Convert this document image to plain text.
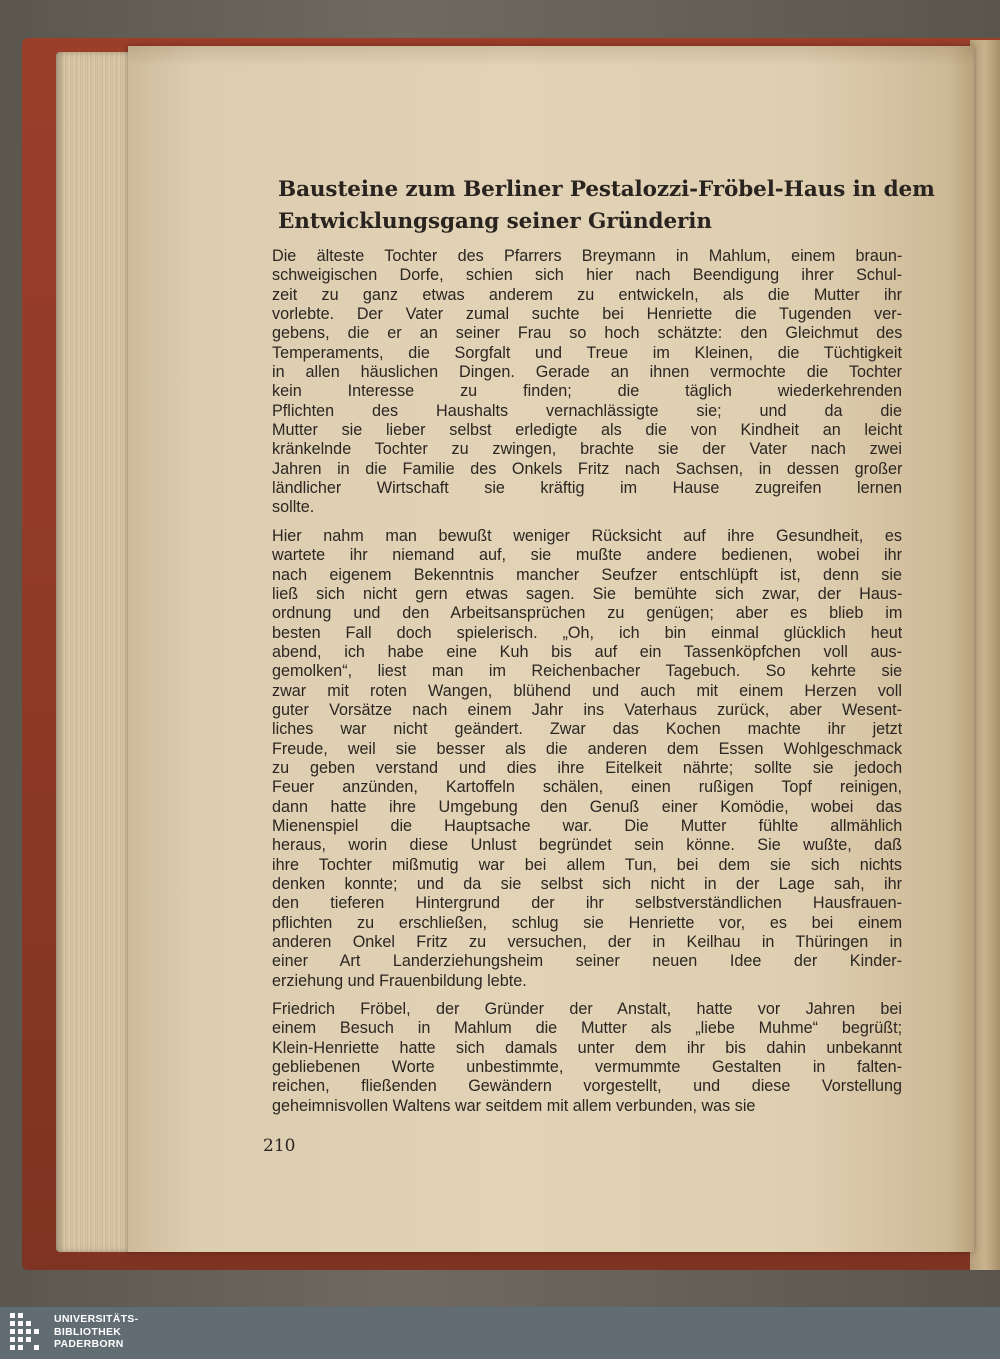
Bausteine zum Berliner Pestalozzi-Fröbel-Haus in dem
Entwicklungsgang seiner Gründerin
Die älteste Tochter des Pfarrers Breymann in Mahlum, einem braun-
schweigischen Dorfe, schien sich hier nach Beendigung ihrer Schul-
zeit zu ganz etwas anderem zu entwickeln, als die Mutter ihr
vorlebte. Der Vater zumal suchte bei Henriette die Tugenden ver-
gebens, die er an seiner Frau so hoch schätzte: den Gleichmut des
Temperaments, die Sorgfalt und Treue im Kleinen, die Tüchtigkeit
in allen häuslichen Dingen. Gerade an ihnen vermochte die Tochter
kein Interesse zu finden; die täglich wiederkehrenden
Pflichten des Haushalts vernachlässigte sie; und da die
Mutter sie lieber selbst erledigte als die von Kindheit an leicht
kränkelnde Tochter zu zwingen, brachte sie der Vater nach zwei
Jahren in die Familie des Onkels Fritz nach Sachsen, in dessen großer
ländlicher Wirtschaft sie kräftig im Hause zugreifen lernen
sollte.
Hier nahm man bewußt weniger Rücksicht auf ihre Gesundheit, es
wartete ihr niemand auf, sie mußte andere bedienen, wobei ihr
nach eigenem Bekenntnis mancher Seufzer entschlüpft ist, denn sie
ließ sich nicht gern etwas sagen. Sie bemühte sich zwar, der Haus-
ordnung und den Arbeitsansprüchen zu genügen; aber es blieb im
besten Fall doch spielerisch. „Oh, ich bin einmal glücklich heut
abend, ich habe eine Kuh bis auf ein Tassenköpfchen voll aus-
gemolken“, liest man im Reichenbacher Tagebuch. So kehrte sie
zwar mit roten Wangen, blühend und auch mit einem Herzen voll
guter Vorsätze nach einem Jahr ins Vaterhaus zurück, aber Wesent-
liches war nicht geändert. Zwar das Kochen machte ihr jetzt
Freude, weil sie besser als die anderen dem Essen Wohlgeschmack
zu geben verstand und dies ihre Eitelkeit nährte; sollte sie jedoch
Feuer anzünden, Kartoffeln schälen, einen rußigen Topf reinigen,
dann hatte ihre Umgebung den Genuß einer Komödie, wobei das
Mienenspiel die Hauptsache war. Die Mutter fühlte allmählich
heraus, worin diese Unlust begründet sein könne. Sie wußte, daß
ihre Tochter mißmutig war bei allem Tun, bei dem sie sich nichts
denken konnte; und da sie selbst sich nicht in der Lage sah, ihr
den tieferen Hintergrund der ihr selbstverständlichen Hausfrauen-
pflichten zu erschließen, schlug sie Henriette vor, es bei einem
anderen Onkel Fritz zu versuchen, der in Keilhau in Thüringen in
einer Art Landerziehungsheim seiner neuen Idee der Kinder-
erziehung und Frauenbildung lebte.
Friedrich Fröbel, der Gründer der Anstalt, hatte vor Jahren bei
einem Besuch in Mahlum die Mutter als „liebe Muhme“ begrüßt;
Klein-Henriette hatte sich damals unter dem ihr bis dahin unbekannt
gebliebenen Worte unbestimmte, vermummte Gestalten in falten-
reichen, fließenden Gewändern vorgestellt, und diese Vorstellung
geheimnisvollen Waltens war seitdem mit allem verbunden, was sie
210
UNIVERSITÄTS-
BIBLIOTHEK
PADERBORN
